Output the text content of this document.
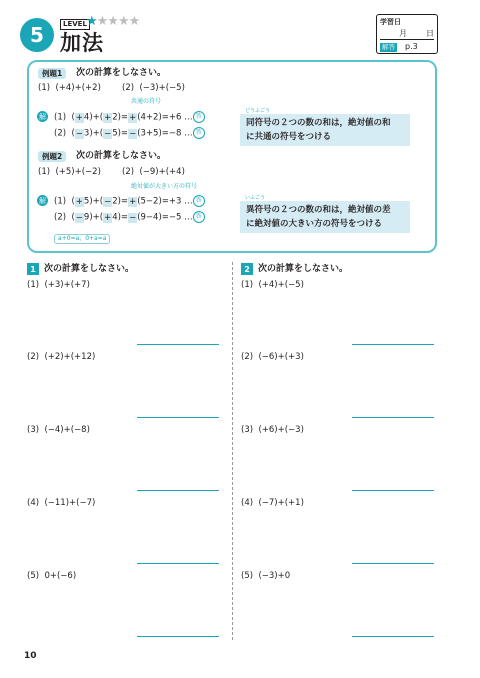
5	LEVEL ★★★★★
加法
学習日
月 日
解答 p.3
例題1	次の計算をしなさい。
(1) (+4)+(+2) (2) (−3)+(−5)
共通の符号
解 (1) (+4)+(+2)=+(4+2)=+6 … 答
(2) (−3)+(−5)=−(3+5)=−8 … 答
どうふごう
同符号の２つの数の和は，絶対値の和
に共通の符号をつける
例題2	次の計算をしなさい。
(1) (+5)+(−2) (2) (−9)+(+4)
絶対値が大きい方の符号
解 (1) (+5)+(−2)=+(5−2)=+3 … 答
(2) (−9)+(+4)=−(9−4)=−5 … 答
いふごう
異符号の２つの数の和は，絶対値の差
に絶対値の大きい方の符号をつける
a+0=a，0+a=a
1 次の計算をしなさい。
(1) (+3)+(+7)
(2) (+2)+(+12)
(3) (−4)+(−8)
(4) (−11)+(−7)
(5) 0+(−6)
2 次の計算をしなさい。
(1) (+4)+(−5)
(2) (−6)+(+3)
(3) (+6)+(−3)
(4) (−7)+(+1)
(5) (−3)+0
10
